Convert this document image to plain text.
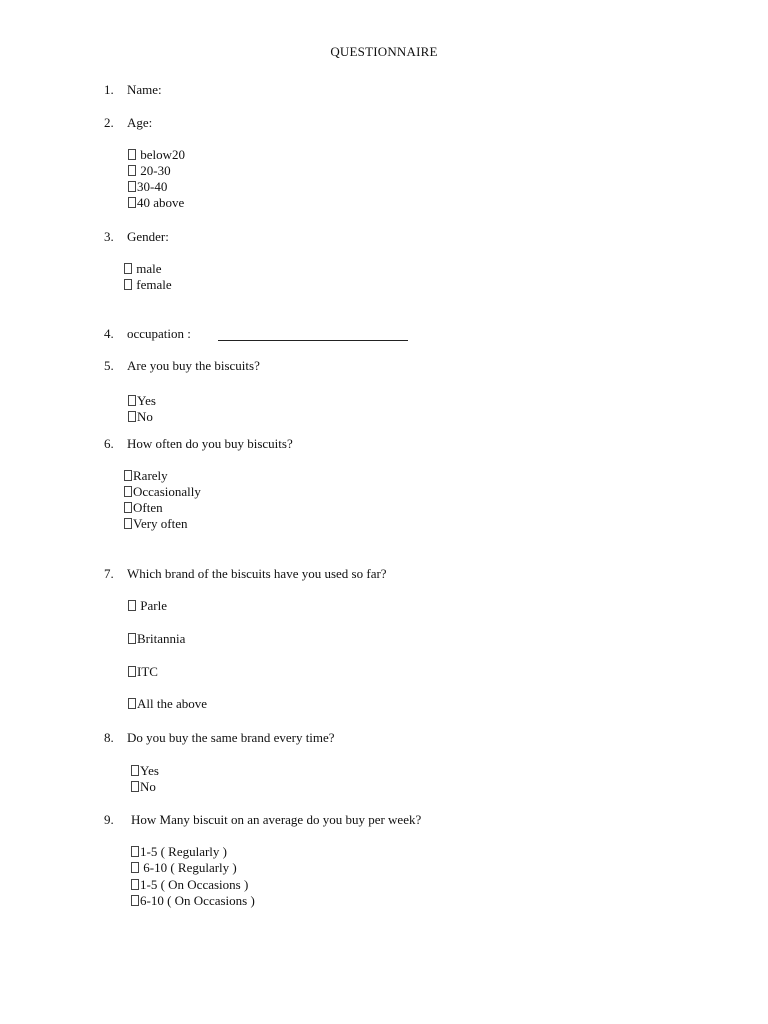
QUESTIONNAIRE
1. Name:
2. Age:
below20
20-30
30-40
40 above
3. Gender:
male
female
4. occupation :
5. Are you buy the biscuits?
Yes
No
6. How often do you buy biscuits?
Rarely
Occasionally
Often
Very often
7. Which brand of the biscuits have you used so far?
Parle
Britannia
ITC
All the above
8. Do you buy the same brand every time?
Yes
No
9. How Many biscuit on an average do you buy per week?
1-5 ( Regularly )
6-10 ( Regularly )
1-5 ( On Occasions )
6-10 ( On Occasions )
